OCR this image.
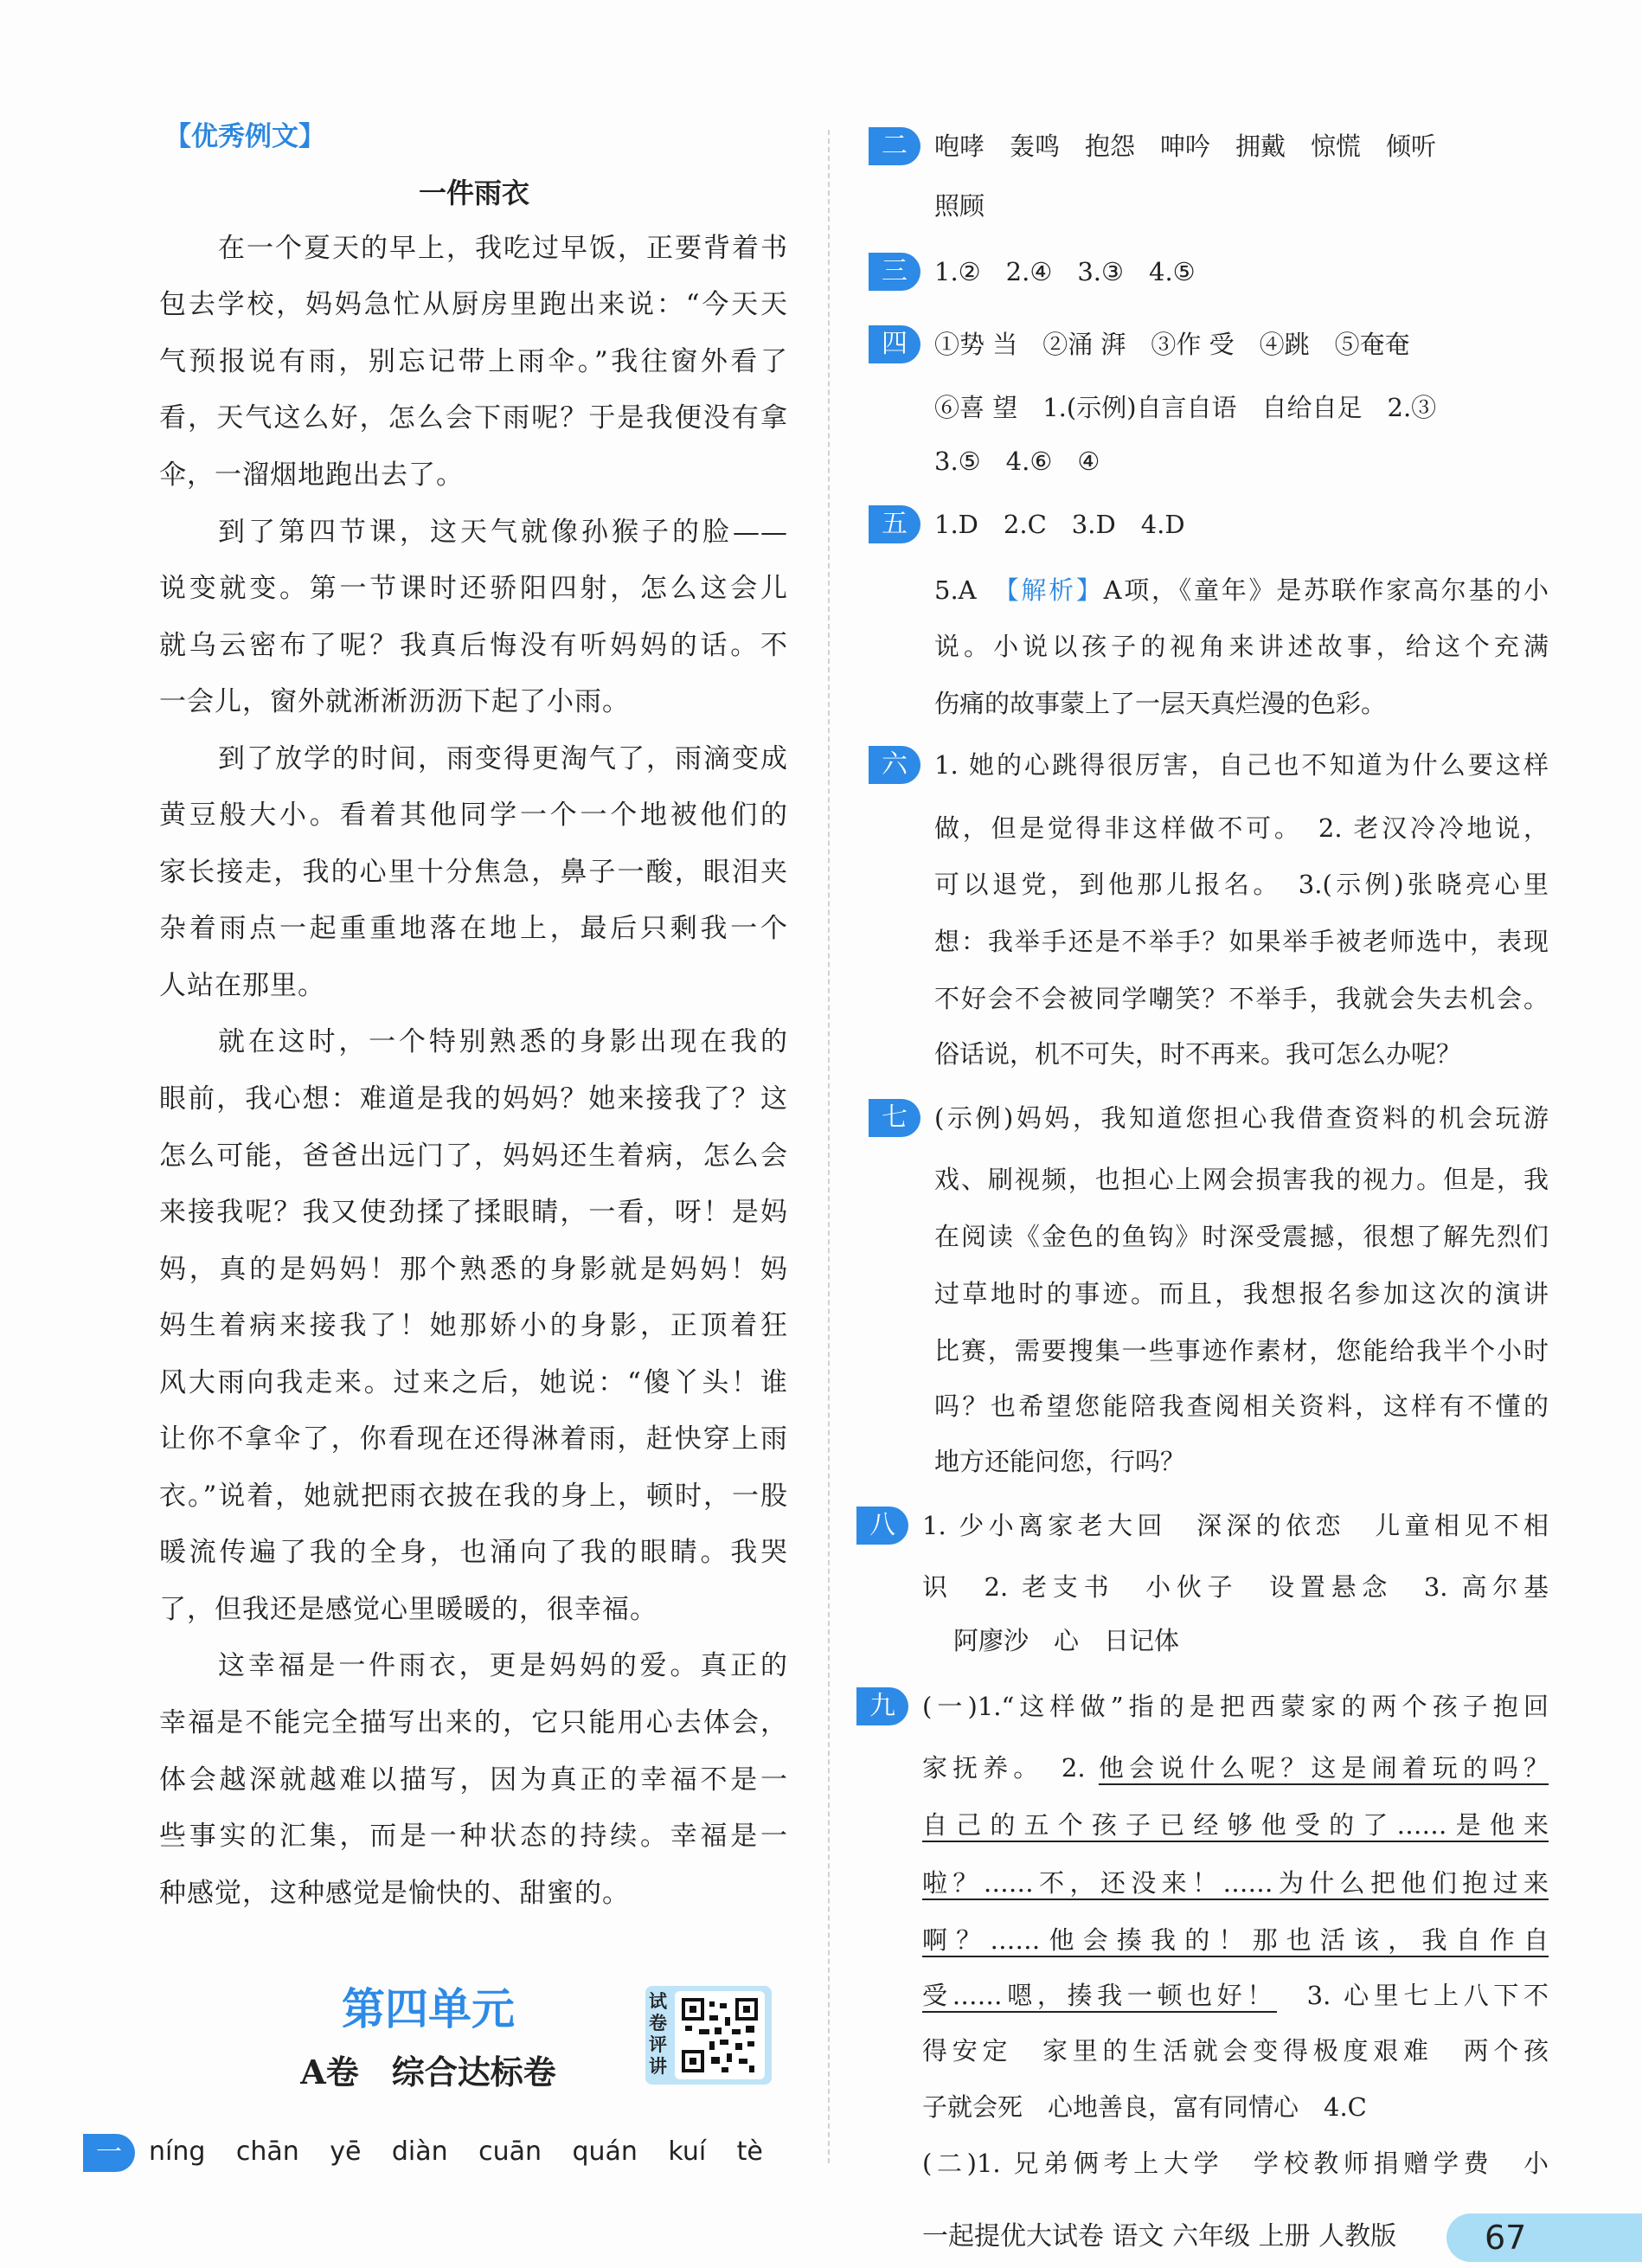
【优秀例文】
一件雨衣
在一个夏天的早上，我吃过早饭，正要背着书
包去学校，妈妈急忙从厨房里跑出来说：“今天天
气预报说有雨，别忘记带上雨伞。”我往窗外看了
看，天气这么好，怎么会下雨呢？于是我便没有拿
伞，一溜烟地跑出去了。
到了第四节课，这天气就像孙猴子的脸——
说变就变。第一节课时还骄阳四射，怎么这会儿
就乌云密布了呢？我真后悔没有听妈妈的话。不
一会儿，窗外就淅淅沥沥下起了小雨。
到了放学的时间，雨变得更淘气了，雨滴变成
黄豆般大小。看着其他同学一个一个地被他们的
家长接走，我的心里十分焦急，鼻子一酸，眼泪夹
杂着雨点一起重重地落在地上，最后只剩我一个
人站在那里。
就在这时，一个特别熟悉的身影出现在我的
眼前，我心想：难道是我的妈妈？她来接我了？这
怎么可能，爸爸出远门了，妈妈还生着病，怎么会
来接我呢？我又使劲揉了揉眼睛，一看，呀！是妈
妈，真的是妈妈！那个熟悉的身影就是妈妈！妈
妈生着病来接我了！她那娇小的身影，正顶着狂
风大雨向我走来。过来之后，她说：“傻丫头！谁
让你不拿伞了，你看现在还得淋着雨，赶快穿上雨
衣。”说着，她就把雨衣披在我的身上，顿时，一股
暖流传遍了我的全身，也涌向了我的眼睛。我哭
了，但我还是感觉心里暖暖的，很幸福。
这幸福是一件雨衣，更是妈妈的爱。真正的
幸福是不能完全描写出来的，它只能用心去体会，
体会越深就越难以描写，因为真正的幸福不是一
些事实的汇集，而是一种状态的持续。幸福是一
种感觉，这种感觉是愉快的、甜蜜的。
第四单元
A卷　综合达标卷
试卷评讲
一	níng chān yē diàn cuān quán kuí tè
二	咆哮　轰鸣　抱怨　呻吟　拥戴　惊慌　倾听
照顾
三	1.②　2.④　3.③　4.⑤
四	①势 当　②涌 湃　③作 受　④跳　⑤奄奄
⑥喜 望　1.(示例)自言自语　自给自足　2.③
3.⑤　4.⑥　④
五	1.D　2.C　3.D　4.D
5.A　【解析】A项，《童年》是苏联作家高尔基的小
说。小说以孩子的视角来讲述故事，给这个充满
伤痛的故事蒙上了一层天真烂漫的色彩。
六	1. 她的心跳得很厉害，自己也不知道为什么要这样
做，但是觉得非这样做不可。　2. 老汉冷冷地说，
可以退党，到他那儿报名。　3.(示例)张晓亮心里
想：我举手还是不举手？如果举手被老师选中，表现
不好会不会被同学嘲笑？不举手，我就会失去机会。
俗话说，机不可失，时不再来。我可怎么办呢？
七	(示例)妈妈，我知道您担心我借查资料的机会玩游
戏、刷视频，也担心上网会损害我的视力。但是，我
在阅读《金色的鱼钩》时深受震撼，很想了解先烈们
过草地时的事迹。而且，我想报名参加这次的演讲
比赛，需要搜集一些事迹作素材，您能给我半个小时
吗？也希望您能陪我查阅相关资料，这样有不懂的
地方还能问您，行吗？
八	1. 少小离家老大回　深深的依恋　儿童相见不相
识　2. 老支书　小伙子　设置悬念　3. 高尔基
阿廖沙　心　日记体
九	(一)1.“这样做”指的是把西蒙家的两个孩子抱回
家抚养。　2. 他会说什么呢？这是闹着玩的吗？
自己的五个孩子已经够他受的了……是他来
啦？……不，还没来！……为什么把他们抱过来
啊？……他会揍我的！那也活该，我自作自
受……嗯，揍我一顿也好！　3. 心里七上八下不
得安定　家里的生活就会变得极度艰难　两个孩
子就会死　心地善良，富有同情心　4.C
(二)1. 兄弟俩考上大学　学校教师捐赠学费　小
一起提优大试卷 语文 六年级 上册 人教版	67
